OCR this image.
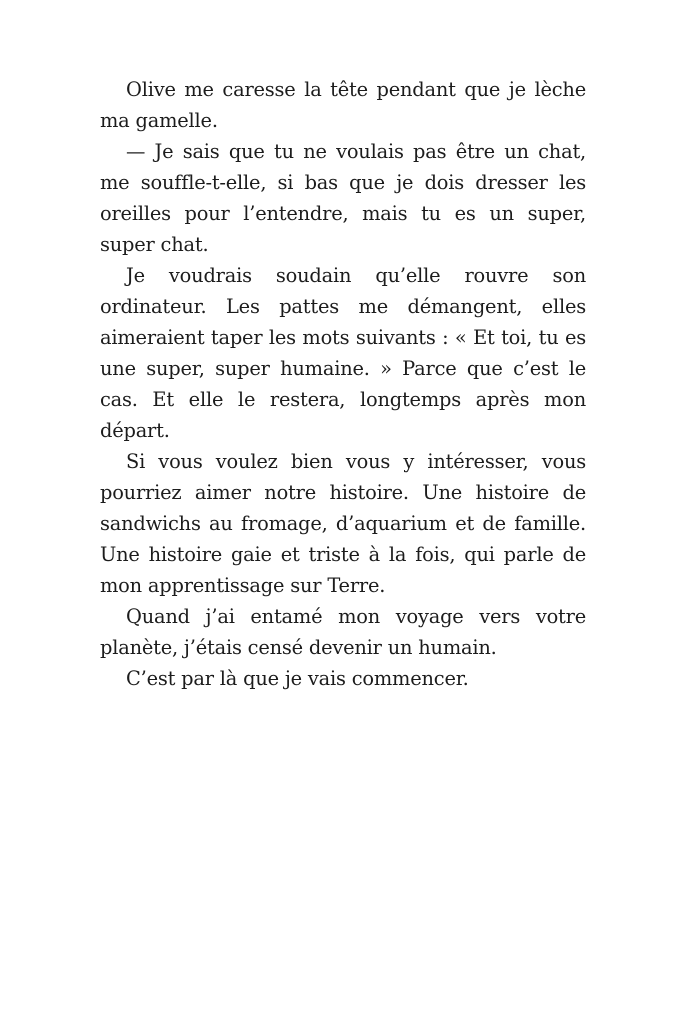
Olive me caresse la tête pendant que je lèche ma gamelle.

— Je sais que tu ne voulais pas être un chat, me souffle-t-elle, si bas que je dois dresser les oreilles pour l’entendre, mais tu es un super, super chat.

Je voudrais soudain qu’elle rouvre son ordinateur. Les pattes me démangent, elles aimeraient taper les mots suivants : « Et toi, tu es une super, super humaine. » Parce que c’est le cas. Et elle le restera, longtemps après mon départ.

Si vous voulez bien vous y intéresser, vous pourriez aimer notre histoire. Une histoire de sandwichs au fromage, d’aquarium et de famille. Une histoire gaie et triste à la fois, qui parle de mon apprentissage sur Terre.

Quand j’ai entamé mon voyage vers votre planète, j’étais censé devenir un humain.

C’est par là que je vais commencer.
